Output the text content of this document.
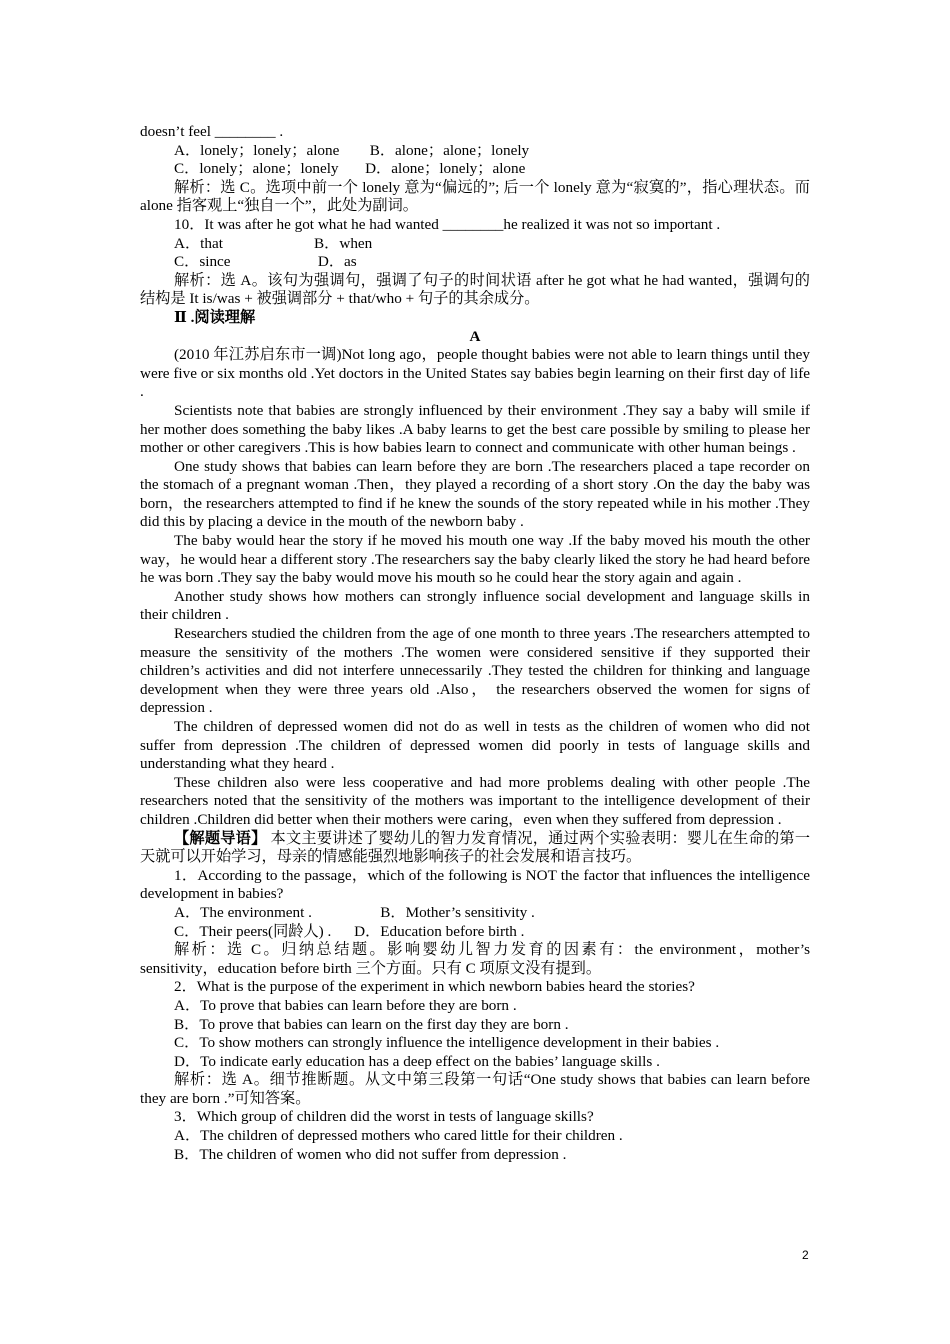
doesn’t feel ________ .

A．lonely；lonely；alone        B．alone；alone；lonely

C．lonely；alone；lonely       D．alone；lonely；alone

解析：选 C。选项中前一个 lonely 意为“偏远的”; 后一个 lonely 意为“寂寞的”，指心理状态。而 alone 指客观上“独自一个”，此处为副词。

10．It was after he got what he had wanted ________he realized it was not so important .

A．that                        B．when

C．since                       D．as

解析：选 A。该句为强调句，强调了句子的时间状语 after he got what he had wanted，强调句的结构是 It is/was + 被强调部分 + that/who + 句子的其余成分。

Ⅱ .阅读理解

A

(2010 年江苏启东市一调)Not long ago，people thought babies were not able to learn things until they were five or six months old .Yet doctors in the United States say babies begin learning on their first day of life .

Scientists note that babies are strongly influenced by their environment .They say a baby will smile if her mother does something the baby likes .A baby learns to get the best care possible by smiling to please her mother or other caregivers .This is how babies learn to connect and communicate with other human beings .

One study shows that babies can learn before they are born .The researchers placed a tape recorder on the stomach of a pregnant woman .Then，they played a recording of a short story .On the day the baby was born，the researchers attempted to find if he knew the sounds of the story repeated while in his mother .They did this by placing a device in the mouth of the newborn baby .

The baby would hear the story if he moved his mouth one way .If the baby moved his mouth the other way，he would hear a different story .The researchers say the baby clearly liked the story he had heard before he was born .They say the baby would move his mouth so he could hear the story again and again .

Another study shows how mothers can strongly influence social development and language skills in their children .

Researchers studied the children from the age of one month to three years .The researchers attempted to measure the sensitivity of the mothers .The women were considered sensitive if they supported their children’s activities and did not interfere unnecessarily .They tested the children for thinking and language development when they were three years old .Also， the researchers observed the women for signs of depression .

The children of depressed women did not do as well in tests as the children of women who did not suffer from depression .The children of depressed women did poorly in tests of language skills and understanding what they heard .

These children also were less cooperative and had more problems dealing with other people .The researchers noted that the sensitivity of the mothers was important to the intelligence development of their children .Children did better when their mothers were caring，even when they suffered from depression .

【解题导语】 本文主要讲述了婴幼儿的智力发育情况，通过两个实验表明：婴儿在生命的第一天就可以开始学习，母亲的情感能强烈地影响孩子的社会发展和语言技巧。

1．According to the passage，which of the following is NOT the factor that influences the intelligence development in babies?

A．The environment .                  B．Mother’s sensitivity .

C．Their peers(同龄人) .      D．Education before birth .

解析：选 C。归纳总结题。影响婴幼儿智力发育的因素有：the environment，mother’s sensitivity，education before birth 三个方面。只有 C 项原文没有提到。

2．What is the purpose of the experiment in which newborn babies heard the stories?

A．To prove that babies can learn before they are born .

B．To prove that babies can learn on the first day they are born .

C．To show mothers can strongly influence the intelligence development in their babies .

D．To indicate early education has a deep effect on the babies’ language skills .

解析：选 A。细节推断题。从文中第三段第一句话“One study shows that babies can learn before they are born .”可知答案。

3．Which group of children did the worst in tests of language skills?

A．The children of depressed mothers who cared little for their children .

B．The children of women who did not suffer from depression .

2
